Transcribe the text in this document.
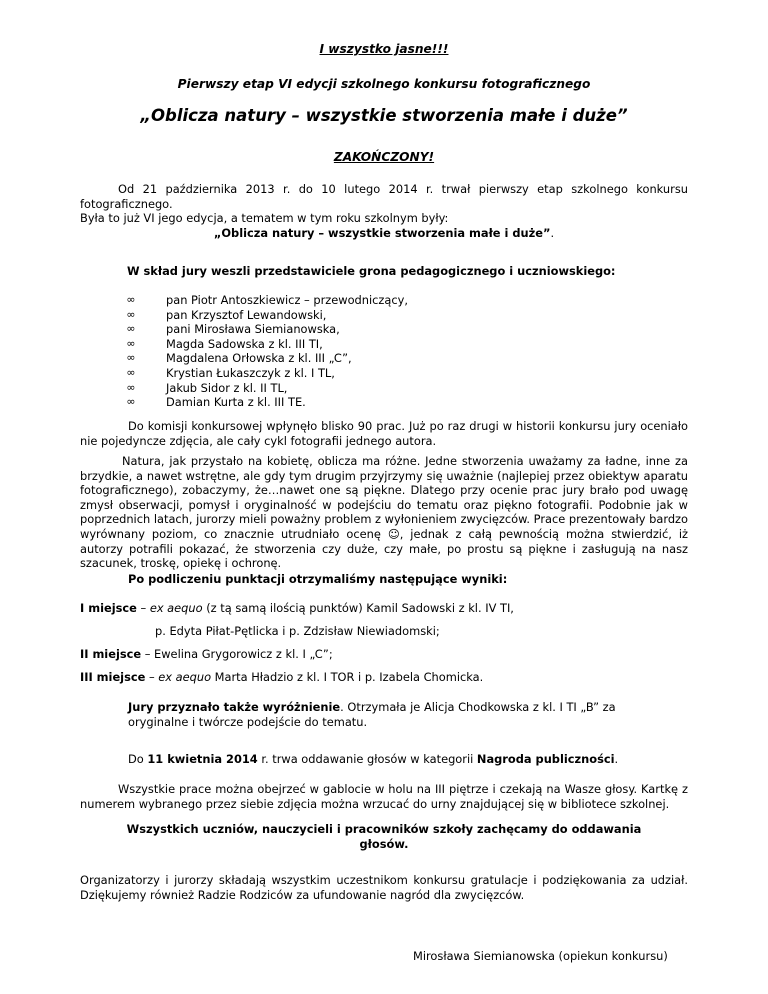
I wszystko jasne!!!
Pierwszy etap VI edycji szkolnego konkursu fotograficznego
„Oblicza natury – wszystkie stworzenia małe i duże”
ZAKOŃCZONY!

Od 21 października 2013 r. do 10 lutego 2014 r. trwał pierwszy etap szkolnego konkursu fotograficznego.

Była to już VI jego edycja, a tematem w tym roku szkolnym były:

„Oblicza natury – wszystkie stworzenia małe i duże”.

W skład jury weszli przedstawiciele grona pedagogicznego i uczniowskiego:

∞	pan Piotr Antoszkiewicz – przewodniczący,
∞	pan Krzysztof Lewandowski,
∞	pani Mirosława Siemianowska,
∞	Magda Sadowska z kl. III TI,
∞	Magdalena Orłowska z kl. III „C”,
∞	Krystian Łukaszczyk z kl. I TL,
∞	Jakub Sidor z kl. II TL,
∞	Damian Kurta z kl. III TE.

Do komisji konkursowej wpłynęło blisko 90 prac. Już po raz drugi w historii konkursu jury oceniało nie pojedyncze zdjęcia, ale cały cykl fotografii jednego autora.

Natura, jak przystało na kobietę, oblicza ma różne. Jedne stworzenia uważamy za ładne, inne za brzydkie, a nawet wstrętne, ale gdy tym drugim przyjrzymy się uważnie (najlepiej przez obiektyw aparatu fotograficznego), zobaczymy, że…nawet one są piękne. Dlatego przy ocenie prac jury brało pod uwagę zmysł obserwacji, pomysł i oryginalność w podejściu do tematu oraz piękno fotografii. Podobnie jak w poprzednich latach, jurorzy mieli poważny problem z wyłonieniem zwycięzców. Prace prezentowały bardzo wyrównany poziom, co znacznie utrudniało ocenę ☺, jednak z całą pewnością można stwierdzić, iż autorzy potrafili pokazać, że stworzenia czy duże, czy małe, po prostu są piękne i zasługują na nasz szacunek, troskę, opiekę i ochronę.

Po podliczeniu punktacji otrzymaliśmy następujące wyniki:

I miejsce – ex aequo (z tą samą ilością punktów) Kamil Sadowski z kl. IV TI,

p. Edyta Piłat-Pętlicka i p. Zdzisław Niewiadomski;

II miejsce – Ewelina Grygorowicz z kl. I „C”;

III miejsce – ex aequo Marta Hładzio z kl. I TOR i p. Izabela Chomicka.

Jury przyznało także wyróżnienie. Otrzymała je Alicja Chodkowska z kl. I TI „B” za oryginalne i twórcze podejście do tematu.

Do 11 kwietnia 2014 r. trwa oddawanie głosów w kategorii Nagroda publiczności.

Wszystkie prace można obejrzeć w gablocie w holu na III piętrze i czekają na Wasze głosy. Kartkę z numerem wybranego przez siebie zdjęcia można wrzucać do urny znajdującej się w bibliotece szkolnej.

Wszystkich uczniów, nauczycieli i pracowników szkoły zachęcamy do oddawania głosów.

Organizatorzy i jurorzy składają wszystkim uczestnikom konkursu gratulacje i podziękowania za udział. Dziękujemy również Radzie Rodziców za ufundowanie nagród dla zwycięzców.

Mirosława Siemianowska (opiekun konkursu)
